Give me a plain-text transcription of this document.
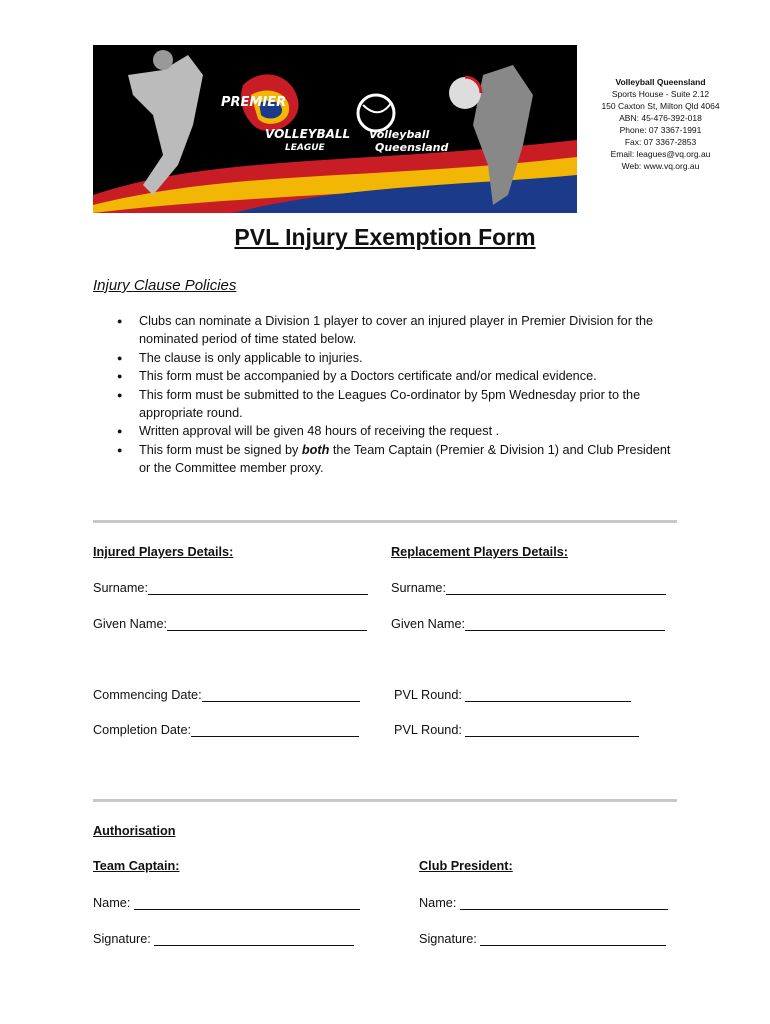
PREMIER
VOLLEYBALL
LEAGUE
Volleyball
Queensland
Volleyball Queensland
Sports House - Suite 2.12
150 Caxton St, Milton Qld 4064
ABN: 45-476-392-018
Phone: 07 3367-1991
Fax: 07 3367-2853
Email: leagues@vq.org.au
Web: www.vq.org.au
PVL Injury Exemption Form
Injury Clause Policies
● Clubs can nominate a Division 1 player to cover an injured player in Premier Division for the nominated period of time stated below.
● The clause is only applicable to injuries.
● This form must be accompanied by a Doctors certificate and/or medical evidence.
● This form must be submitted to the Leagues Co-ordinator by 5pm Wednesday prior to the appropriate round.
● Written approval will be given 48 hours of receiving the request .
● This form must be signed by both the Team Captain (Premier & Division 1) and Club President or the Committee member proxy.
Injured Players Details:	Replacement Players Details:
Surname:	Surname:
Given Name:	Given Name:
Commencing Date:	PVL Round:
Completion Date:	PVL Round:
Authorisation
Team Captain:	Club President:
Name:	Name:
Signature:	Signature:
